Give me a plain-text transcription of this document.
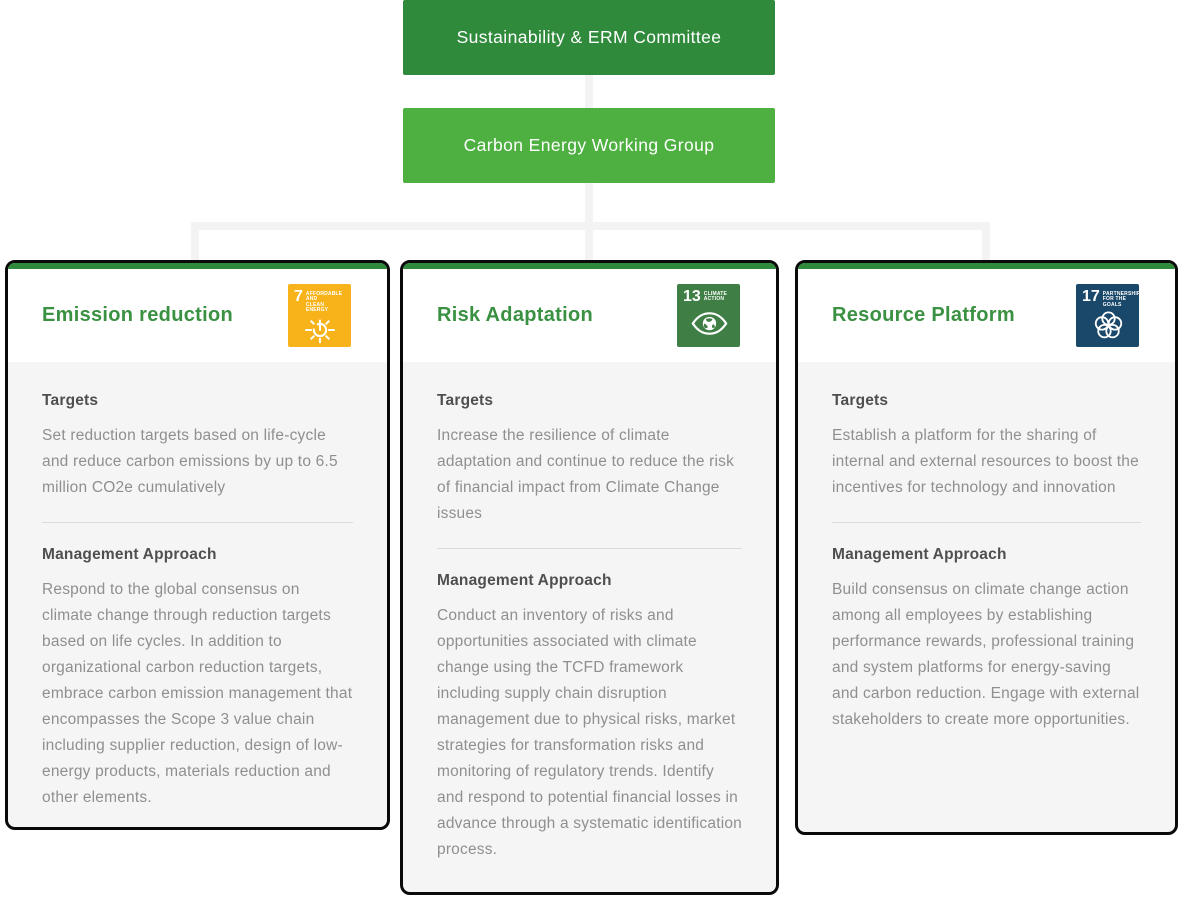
Sustainability & ERM Committee
Carbon Energy Working Group
Emission reduction
7 AFFORDABLE AND
CLEAN ENERGY

Targets

Set reduction targets based on life-cycle and reduce carbon emissions by up to 6.5 million CO2e cumulatively

Management Approach

Respond to the global consensus on climate change through reduction targets based on life cycles. In addition to organizational carbon reduction targets, embrace carbon emission management that encompasses the Scope 3 value chain including supplier reduction, design of low-energy products, materials reduction and other elements.

Risk Adaptation
13 CLIMATE
ACTION

Targets

Increase the resilience of climate adaptation and continue to reduce the risk of financial impact from Climate Change issues

Management Approach

Conduct an inventory of risks and opportunities associated with climate change using the TCFD framework including supply chain disruption management due to physical risks, market strategies for transformation risks and monitoring of regulatory trends. Identify and respond to potential financial losses in advance through a systematic identification process.

Resource Platform
17 PARTNERSHIPS
FOR THE GOALS

Targets

Establish a platform for the sharing of internal and external resources to boost the incentives for technology and innovation

Management Approach

Build consensus on climate change action among all employees by establishing performance rewards, professional training and system platforms for energy-saving and carbon reduction. Engage with external stakeholders to create more opportunities.
